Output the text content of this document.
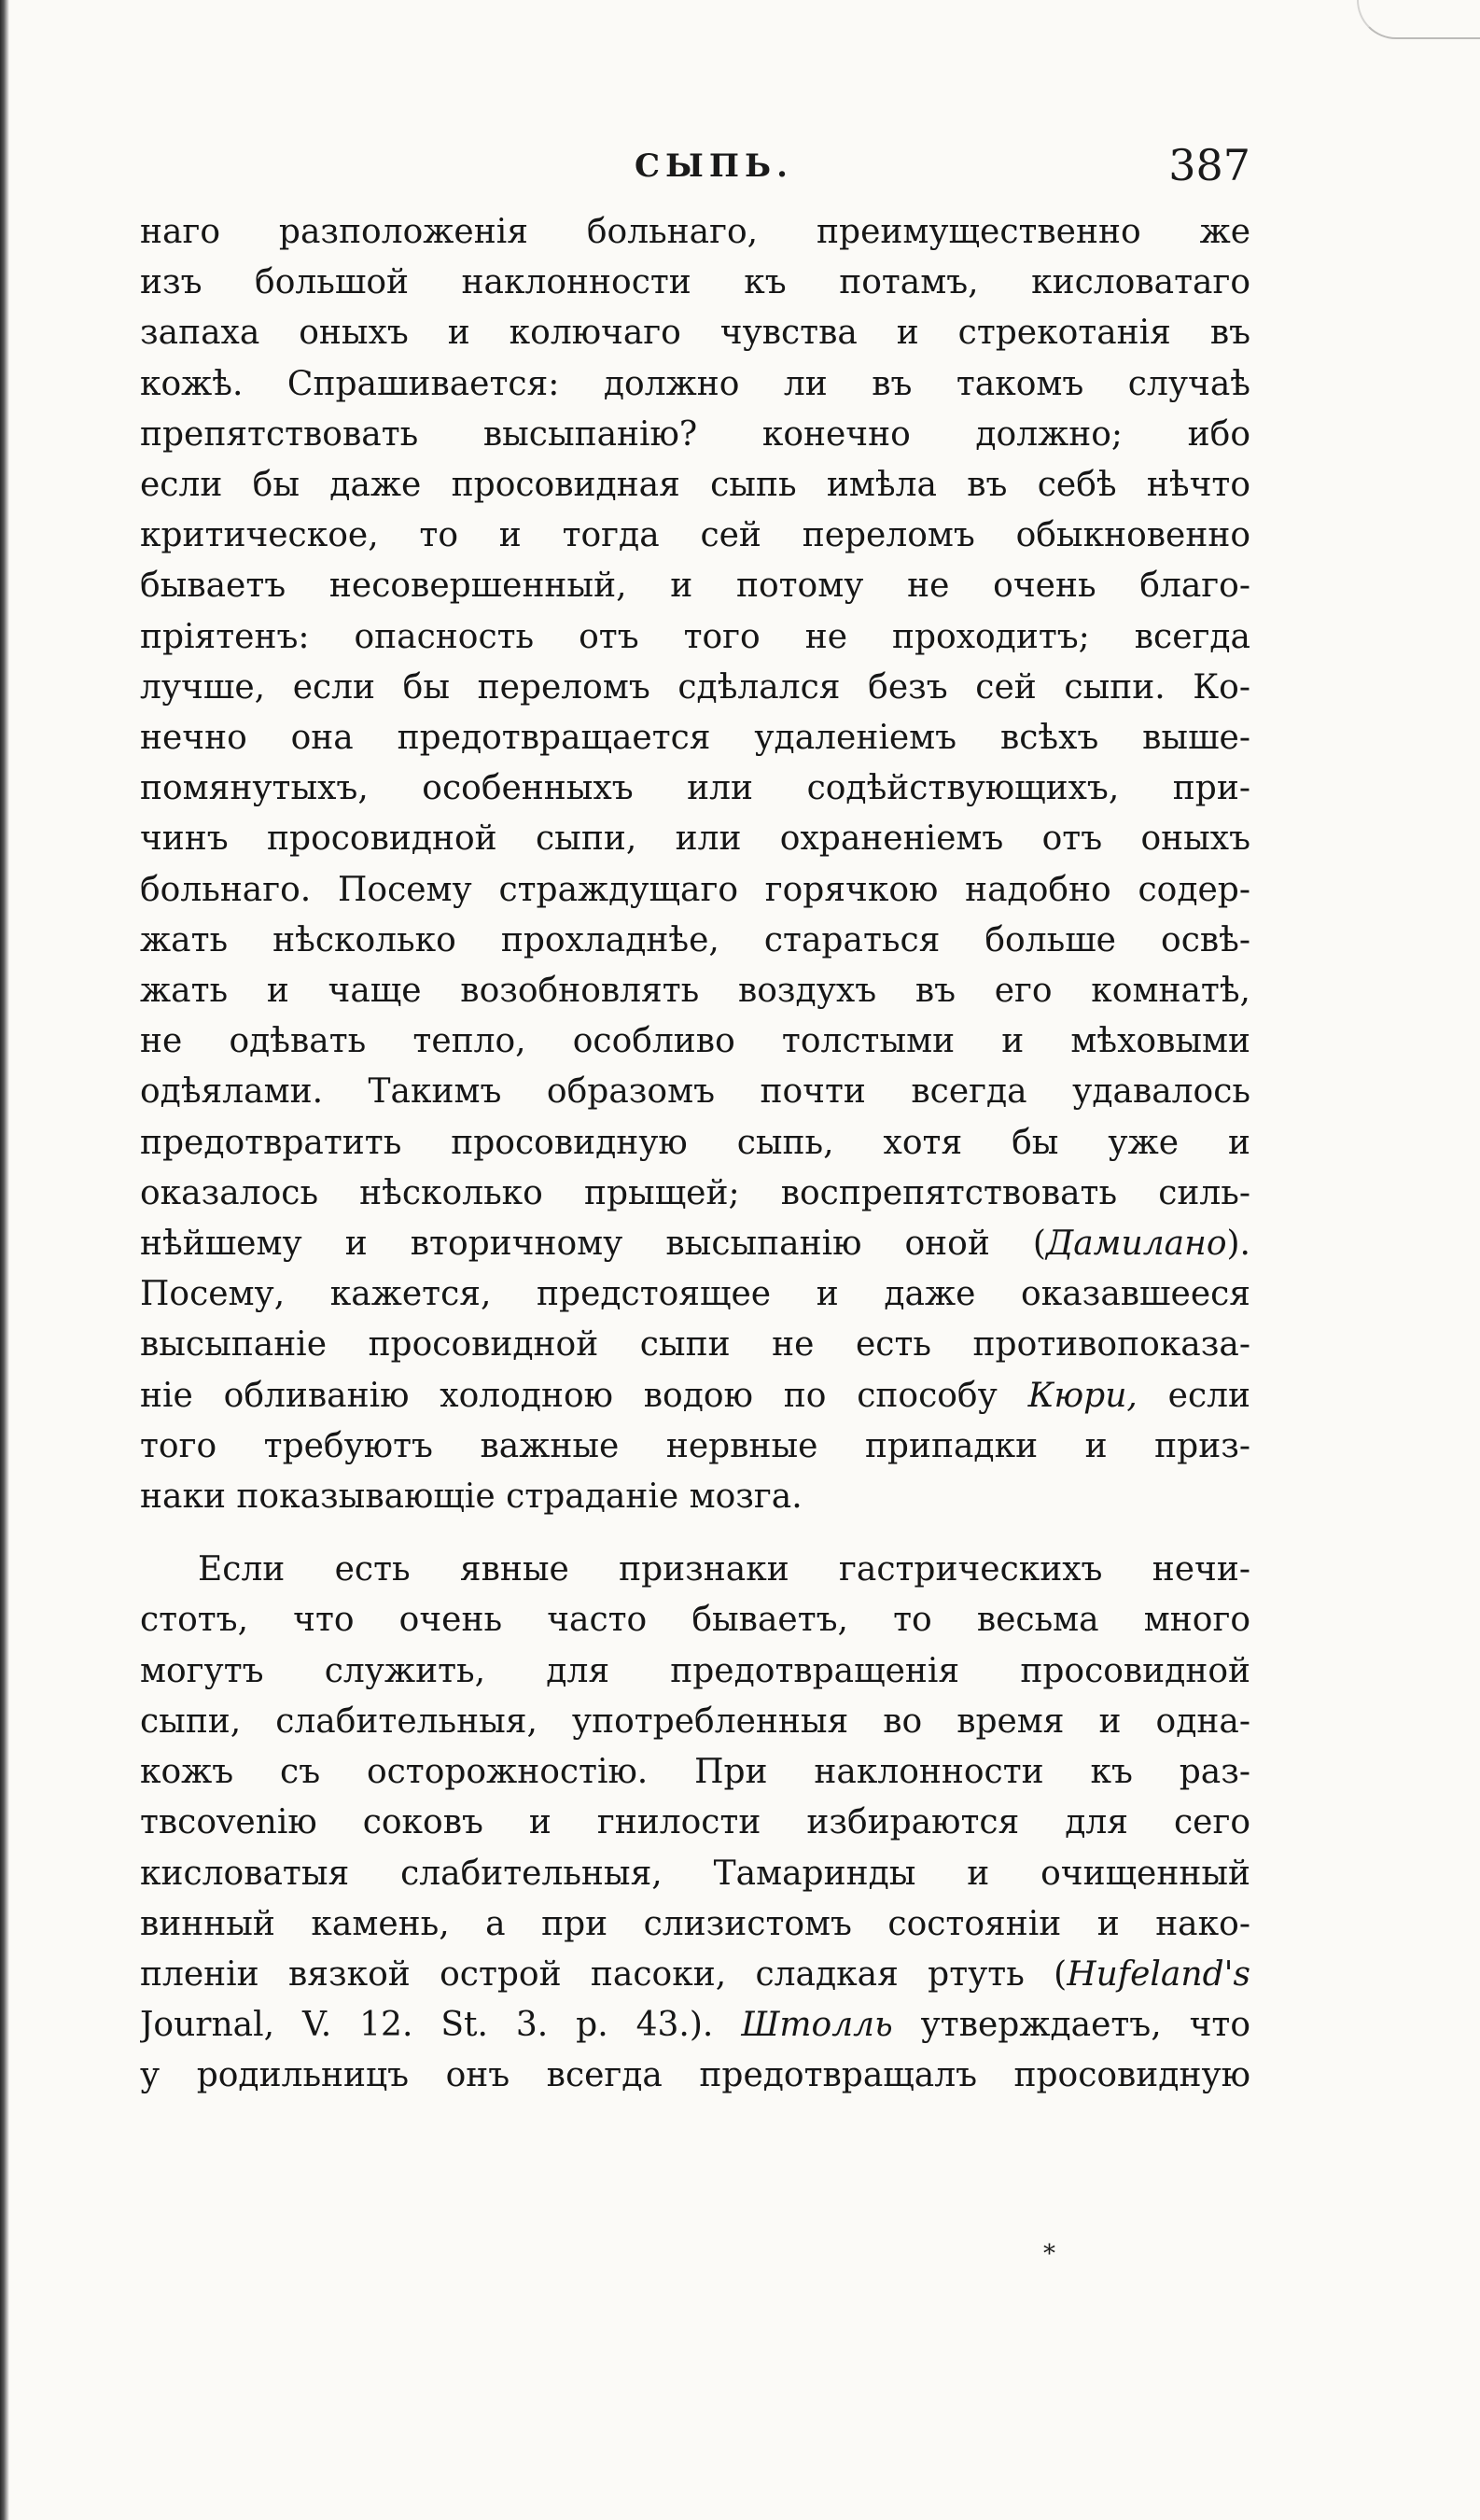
СЫПЬ.	387
наго разположенія больнаго, преимущественно же
изъ большой наклонности къ потамъ, кисловатаго
запаха оныхъ и колючаго чувства и стрекотанія въ
кожѣ. Спрашивается: должно ли въ такомъ случаѣ
препятствовать высыпанію? конечно должно; ибо
если бы даже просовидная сыпь имѣла въ себѣ нѣчто
критическое, то и тогда сей переломъ обыкновенно
бываетъ несовершенный, и потому не очень благо-
пріятенъ: опасность отъ того не проходитъ; всегда
лучше, если бы переломъ сдѣлался безъ сей сыпи. Ко-
нечно она предотвращается удаленіемъ всѣхъ выше-
помянутыхъ, особенныхъ или содѣйствующихъ, при-
чинъ просовидной сыпи, или охраненіемъ отъ оныхъ
больнаго. Посему страждущаго горячкою надобно содер-
жать нѣсколько прохладнѣе, стараться больше освѣ-
жать и чаще возобновлять воздухъ въ его комнатѣ,
не одѣвать тепло, особливо толстыми и мѣховыми
одѣялами. Такимъ образомъ почти всегда удавалось
предотвратить просовидную сыпь, хотя бы уже и
оказалось нѣсколько прыщей; воспрепятствовать силь-
нѣйшему и вторичному высыпанію оной (Дамилано).
Посему, кажется, предстоящее и даже оказавшееся
высыпаніе просовидной сыпи не есть противопоказа-
ніе обливанію холодною водою по способу Кюри, если
того требуютъ важные нервные припадки и приз-
наки показывающіе страданіе мозга.
Если есть явные признаки гастрическихъ нечи-
стотъ, что очень часто бываетъ, то весьма много
могутъ служить, для предотвращенія просовидной
сыпи, слабительныя, употребленныя во время и одна-
кожъ съ осторожностію. При наклонности къ раз-
твcovenію соковъ и гнилости избираются для сего
кисловатыя слабительныя, Тамаринды и очищенный
винный камень, а при слизистомъ состояніи и нако-
пленіи вязкой острой пасоки, сладкая ртуть (Hufeland's
Journal, V. 12. St. 3. p. 43.). Штолль утверждаетъ, что
у родильницъ онъ всегда предотвращалъ просовидную
*
